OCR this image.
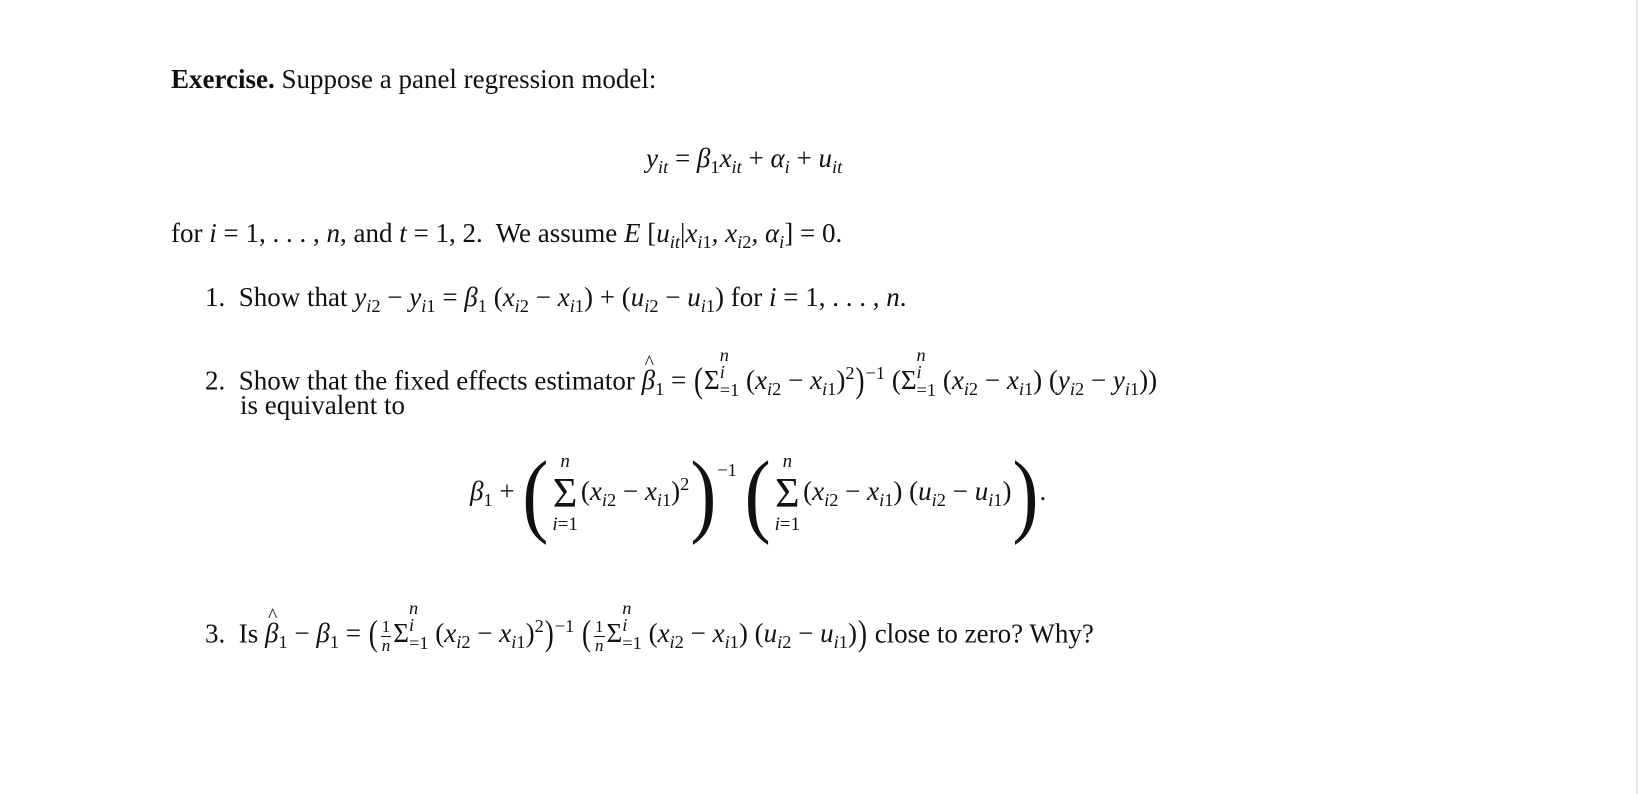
Exercise. Suppose a panel regression model:
$y_{it} = \beta_1x_{it} + \alpha_i + u_{it}$
for i = 1, . . . , n, and t = 1, 2.  We assume E [$u_{it}|x_{i1}$, $x_{i2}$, $\alpha_i] = 0$.
1. Show that $y_{i2} - y_{i1} = \beta_1$ $(x_{i2} - x_{i1}) + (u_{i2} - u_{i1})$ for i = 1, . . . , n.
2. Show that the fixed effects estimator ^ $\beta_1 = (\Sigma$
n
i
=1 $(x_{i2} - x_{i1})^2)^{-1}$ (Σ
n
i
=1 $(x_{i2} - x_{i1}) (y_{i2} - y_{i1})$)
is equivalent to
$\beta_1$ + ( n
Σ
i=1
$(x_{i2} - x_{i1})^2)^{-1}$ ( n
Σ
i=1
$(x_{i2} - x_{i1}) (u_{i2} - u_{i1})$).
3. Is ^ $\beta_1 - \beta_1$ = ( $\frac{1}{n}$ Σ
n
i
=1 $(x_{i2} - x_{i1})^2)^{-1}$ ( $\frac{1}{n}$ Σ
n
i
=1 $(x_{i2} - x_{i1}) (u_{i2} - u_{i1})$) close to zero? Why?
